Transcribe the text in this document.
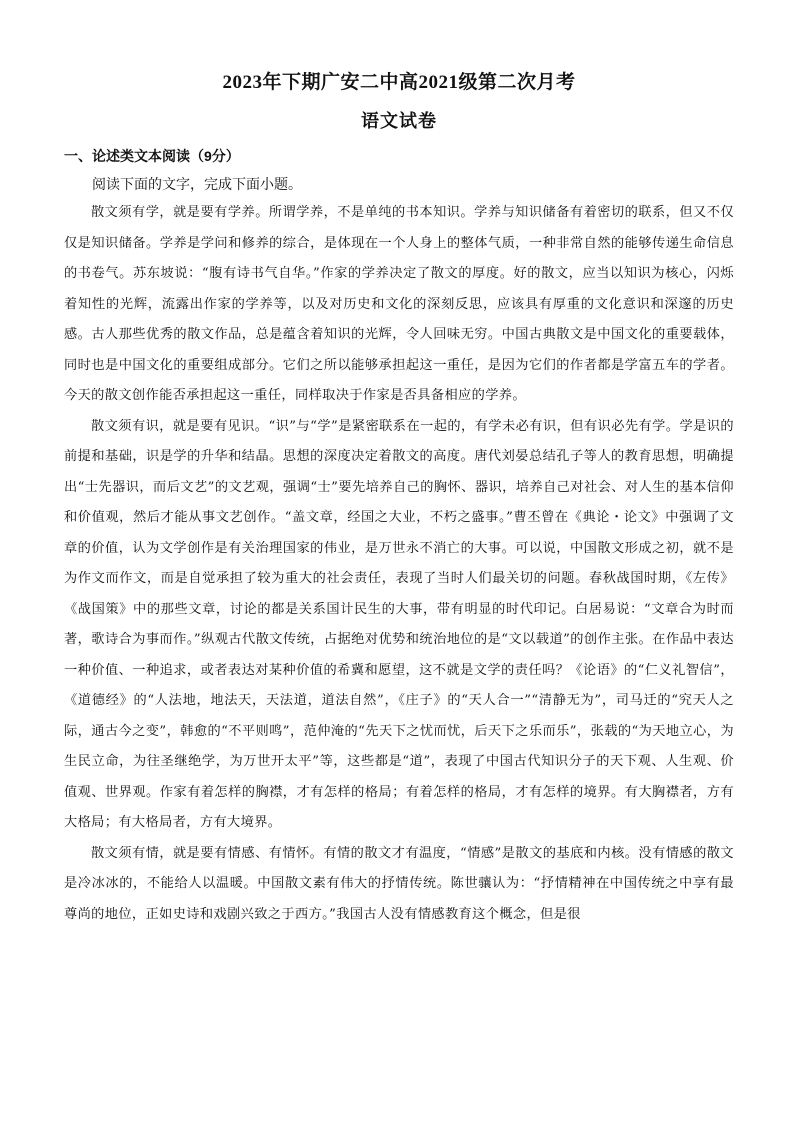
2023年下期广安二中高2021级第二次月考
语文试卷
一、论述类文本阅读（9分）
阅读下面的文字，完成下面小题。

散文须有学，就是要有学养。所谓学养，不是单纯的书本知识。学养与知识储备有着密切的联系，但又不仅仅是知识储备。学养是学问和修养的综合，是体现在一个人身上的整体气质，一种非常自然的能够传递生命信息的书卷气。苏东坡说：“腹有诗书气自华。”作家的学养决定了散文的厚度。好的散文，应当以知识为核心，闪烁着知性的光辉，流露出作家的学养等，以及对历史和文化的深刻反思，应该具有厚重的文化意识和深邃的历史感。古人那些优秀的散文作品，总是蕴含着知识的光辉，令人回味无穷。中国古典散文是中国文化的重要载体，同时也是中国文化的重要组成部分。它们之所以能够承担起这一重任，是因为它们的作者都是学富五车的学者。今天的散文创作能否承担起这一重任，同样取决于作家是否具备相应的学养。

散文须有识，就是要有见识。“识”与“学”是紧密联系在一起的，有学未必有识，但有识必先有学。学是识的前提和基础，识是学的升华和结晶。思想的深度决定着散文的高度。唐代刘晏总结孔子等人的教育思想，明确提出“士先器识，而后文艺”的文艺观，强调“士”要先培养自己的胸怀、器识，培养自己对社会、对人生的基本信仰和价值观，然后才能从事文艺创作。“盖文章，经国之大业，不朽之盛事。”曹丕曾在《典论・论文》中强调了文章的价值，认为文学创作是有关治理国家的伟业，是万世永不消亡的大事。可以说，中国散文形成之初，就不是为作文而作文，而是自觉承担了较为重大的社会责任，表现了当时人们最关切的问题。春秋战国时期，《左传》《战国策》中的那些文章，讨论的都是关系国计民生的大事，带有明显的时代印记。白居易说：“文章合为时而著，歌诗合为事而作。”纵观古代散文传统，占据绝对优势和统治地位的是“文以载道”的创作主张。在作品中表达一种价值、一种追求，或者表达对某种价值的希冀和愿望，这不就是文学的责任吗？《论语》的“仁义礼智信”，《道德经》的“人法地，地法天，天法道，道法自然”，《庄子》的“天人合一”“清静无为”，司马迁的“究天人之际，通古今之变”，韩愈的“不平则鸣”，范仲淹的“先天下之忧而忧，后天下之乐而乐”，张载的“为天地立心，为生民立命，为往圣继绝学，为万世开太平”等，这些都是“道”，表现了中国古代知识分子的天下观、人生观、价值观、世界观。作家有着怎样的胸襟，才有怎样的格局；有着怎样的格局，才有怎样的境界。有大胸襟者，方有大格局；有大格局者，方有大境界。

散文须有情，就是要有情感、有情怀。有情的散文才有温度，“情感”是散文的基底和内核。没有情感的散文是冷冰冰的，不能给人以温暖。中国散文素有伟大的抒情传统。陈世骧认为：“抒情精神在中国传统之中享有最尊尚的地位，正如史诗和戏剧兴致之于西方。”我国古人没有情感教育这个概念，但是很
